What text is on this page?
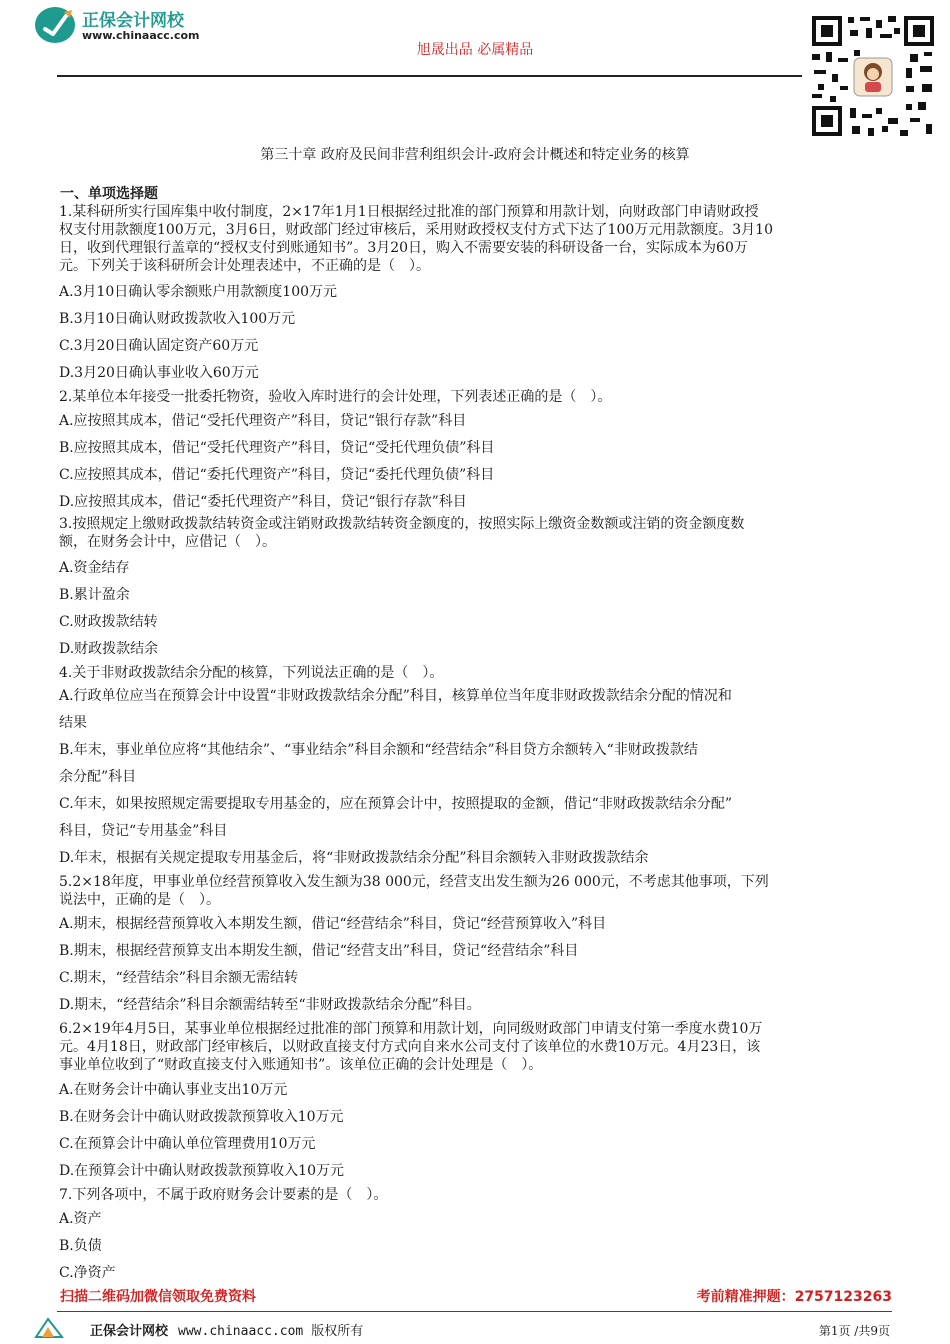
正保会计网校
www.chinaacc.com
旭晟出品 必属精品
第三十章 政府及民间非营利组织会计-政府会计概述和特定业务的核算
一、单项选择题
1.某科研所实行国库集中收付制度，2×17年1月1日根据经过批准的部门预算和用款计划，向财政部门申请财政授
权支付用款额度100万元，3月6日，财政部门经过审核后，采用财政授权支付方式下达了100万元用款额度。3月10
日，收到代理银行盖章的“授权支付到账通知书”。3月20日，购入不需要安装的科研设备一台，实际成本为60万
元。下列关于该科研所会计处理表述中，不正确的是（　）。
A.3月10日确认零余额账户用款额度100万元
B.3月10日确认财政拨款收入100万元
C.3月20日确认固定资产60万元
D.3月20日确认事业收入60万元
2.某单位本年接受一批委托物资，验收入库时进行的会计处理，下列表述正确的是（　）。
A.应按照其成本，借记“受托代理资产”科目，贷记“银行存款”科目
B.应按照其成本，借记“受托代理资产”科目，贷记“受托代理负债”科目
C.应按照其成本，借记“委托代理资产”科目，贷记“委托代理负债”科目
D.应按照其成本，借记“委托代理资产”科目，贷记“银行存款”科目
3.按照规定上缴财政拨款结转资金或注销财政拨款结转资金额度的，按照实际上缴资金数额或注销的资金额度数
额，在财务会计中，应借记（　）。
A.资金结存
B.累计盈余
C.财政拨款结转
D.财政拨款结余
4.关于非财政拨款结余分配的核算，下列说法正确的是（　）。
A.行政单位应当在预算会计中设置“非财政拨款结余分配”科目，核算单位当年度非财政拨款结余分配的情况和
结果
B.年末，事业单位应将“其他结余”、“事业结余”科目余额和“经营结余”科目贷方余额转入“非财政拨款结
余分配”科目
C.年末，如果按照规定需要提取专用基金的，应在预算会计中，按照提取的金额，借记“非财政拨款结余分配”
科目，贷记“专用基金”科目
D.年末，根据有关规定提取专用基金后，将“非财政拨款结余分配”科目余额转入非财政拨款结余
5.2×18年度，甲事业单位经营预算收入发生额为38 000元，经营支出发生额为26 000元，不考虑其他事项，下列
说法中，正确的是（　）。
A.期末，根据经营预算收入本期发生额，借记“经营结余”科目，贷记“经营预算收入”科目
B.期末，根据经营预算支出本期发生额，借记“经营支出”科目，贷记“经营结余”科目
C.期末，“经营结余”科目余额无需结转
D.期末，“经营结余”科目余额需结转至“非财政拨款结余分配”科目。
6.2×19年4月5日，某事业单位根据经过批准的部门预算和用款计划，向同级财政部门申请支付第一季度水费10万
元。4月18日，财政部门经审核后，以财政直接支付方式向自来水公司支付了该单位的水费10万元。4月23日，该
事业单位收到了“财政直接支付入账通知书”。该单位正确的会计处理是（　）。
A.在财务会计中确认事业支出10万元
B.在财务会计中确认财政拨款预算收入10万元
C.在预算会计中确认单位管理费用10万元
D.在预算会计中确认财政拨款预算收入10万元
7.下列各项中，不属于政府财务会计要素的是（　）。
A.资产
B.负债
C.净资产
扫描二维码加微信领取免费资料	考前精准押题：2757123263
正保会计网校 www.chinaacc.com 版权所有	第1页 /共9页
